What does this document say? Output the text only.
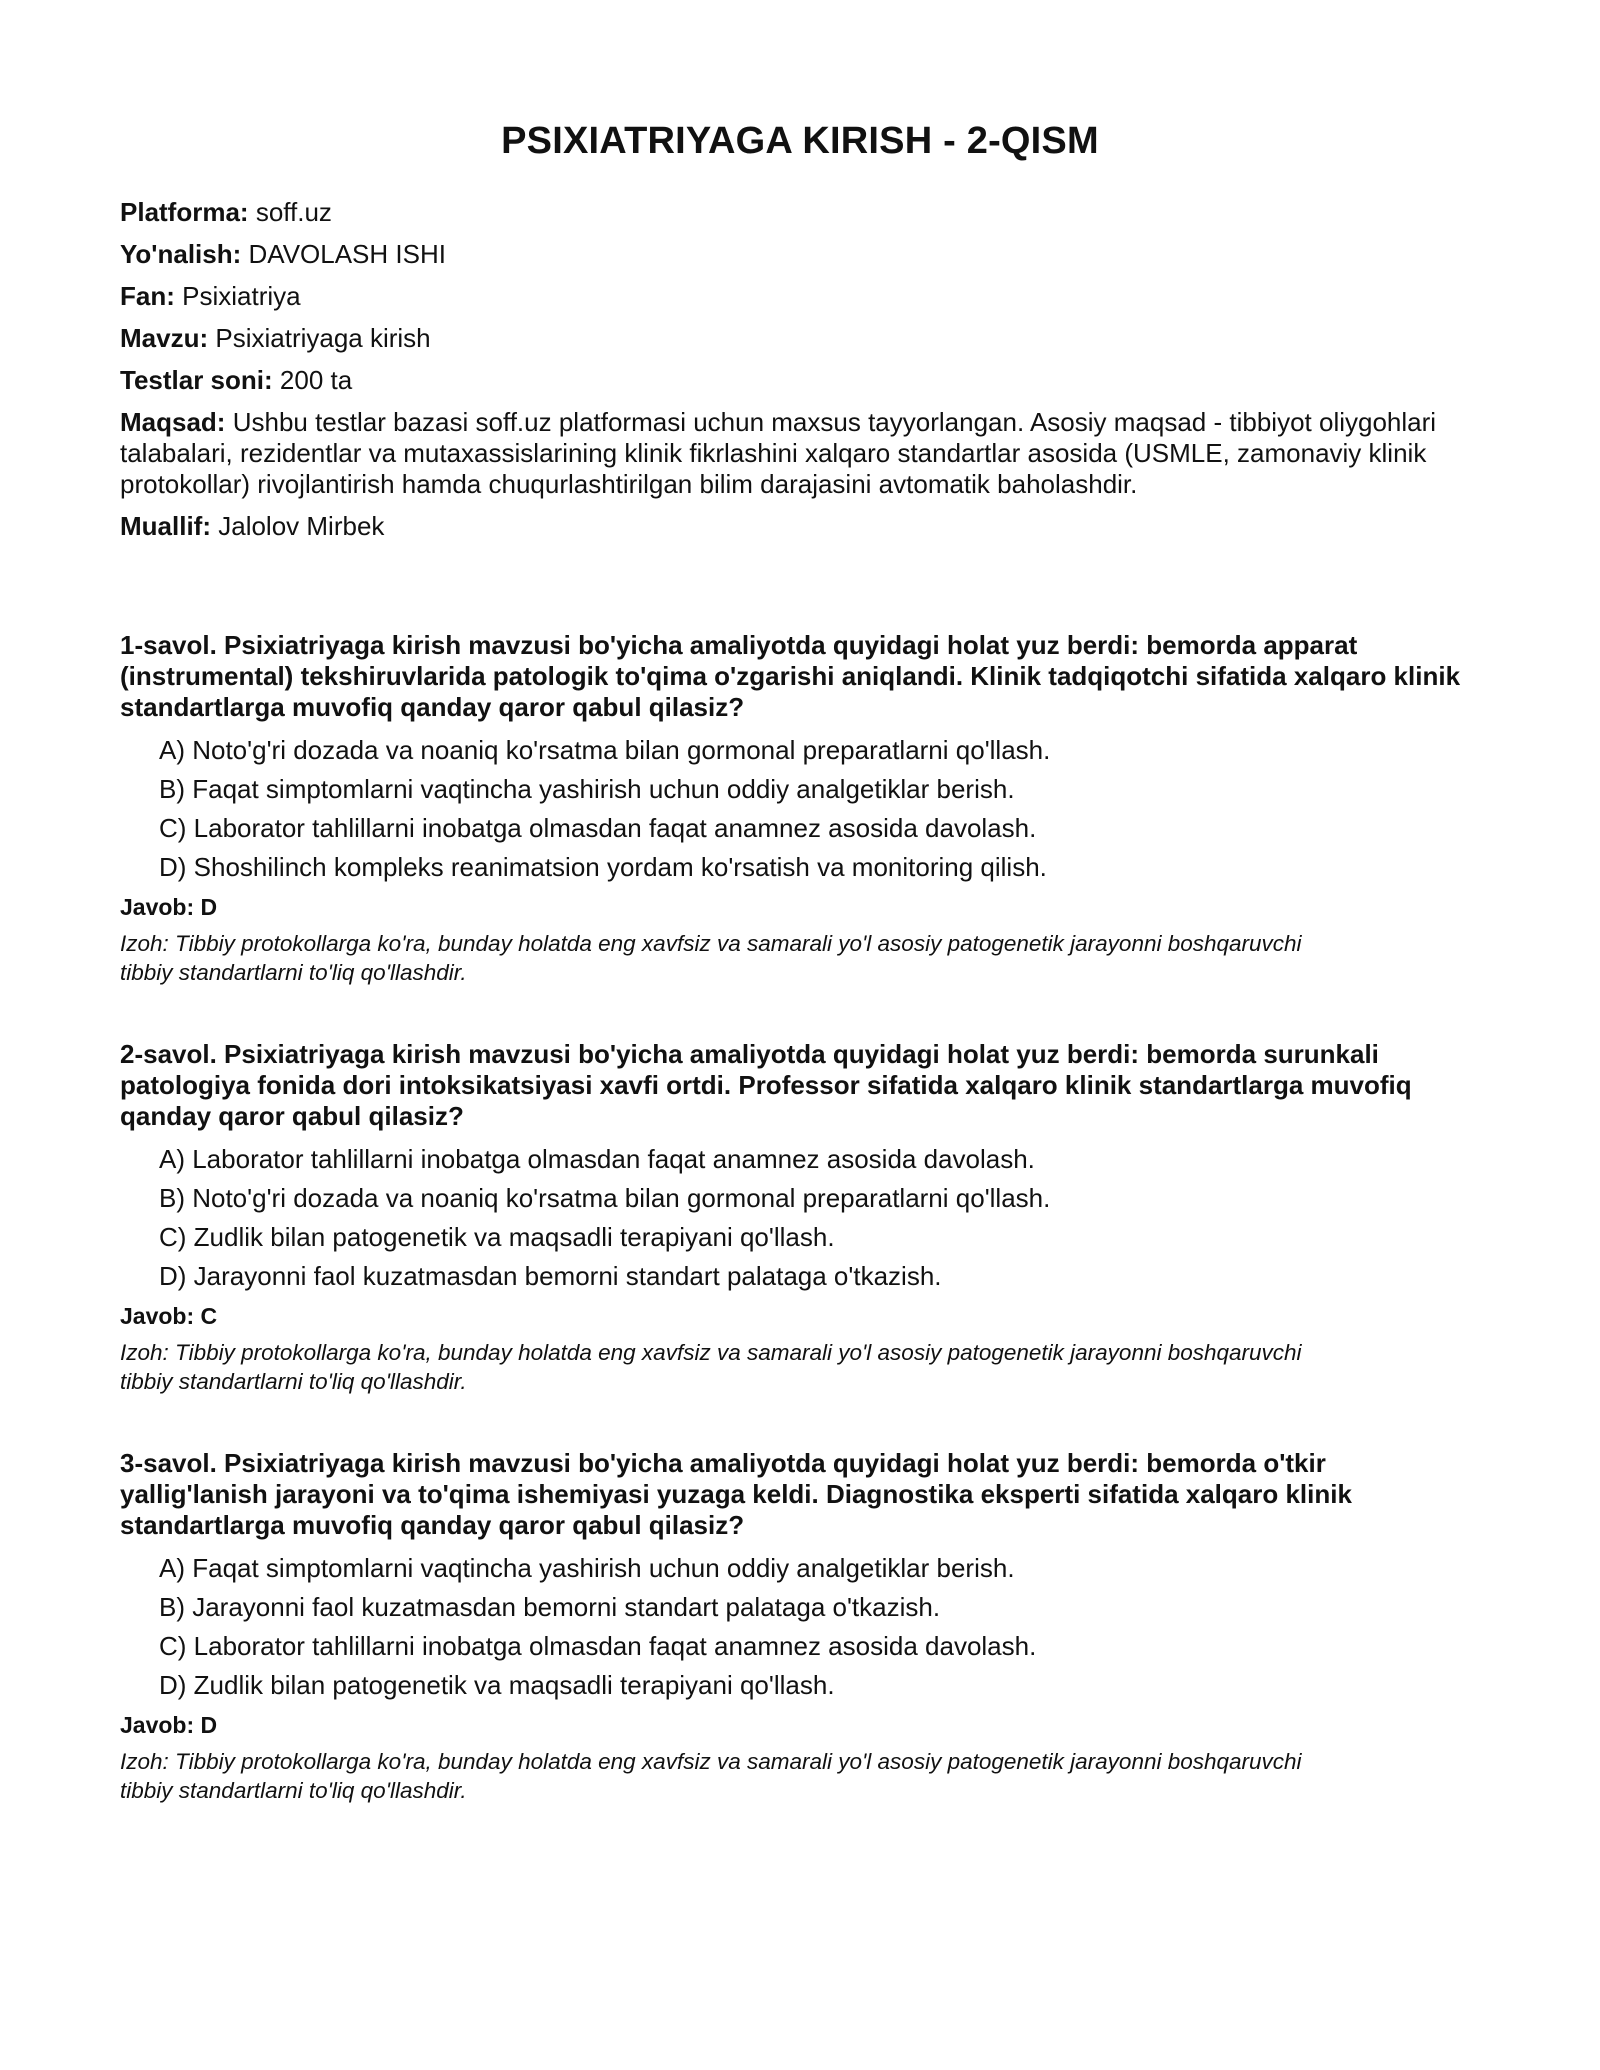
PSIXIATRIYAGA KIRISH - 2-QISM

Platforma: soff.uz

Yo'nalish: DAVOLASH ISHI

Fan: Psixiatriya

Mavzu: Psixiatriyaga kirish

Testlar soni: 200 ta

Maqsad: Ushbu testlar bazasi soff.uz platformasi uchun maxsus tayyorlangan. Asosiy maqsad - tibbiyot oliygohlari talabalari, rezidentlar va mutaxassislarining klinik fikrlashini xalqaro standartlar asosida (USMLE, zamonaviy klinik protokollar) rivojlantirish hamda chuqurlashtirilgan bilim darajasini avtomatik baholashdir.

Muallif: Jalolov Mirbek

1-savol. Psixiatriyaga kirish mavzusi bo'yicha amaliyotda quyidagi holat yuz berdi: bemorda apparat (instrumental) tekshiruvlarida patologik to'qima o'zgarishi aniqlandi. Klinik tadqiqotchi sifatida xalqaro klinik standartlarga muvofiq qanday qaror qabul qilasiz?

A) Noto'g'ri dozada va noaniq ko'rsatma bilan gormonal preparatlarni qo'llash.
B) Faqat simptomlarni vaqtincha yashirish uchun oddiy analgetiklar berish.
C) Laborator tahlillarni inobatga olmasdan faqat anamnez asosida davolash.
D) Shoshilinch kompleks reanimatsion yordam ko'rsatish va monitoring qilish.

Javob: D

Izoh: Tibbiy protokollarga ko'ra, bunday holatda eng xavfsiz va samarali yo'l asosiy patogenetik jarayonni boshqaruvchi tibbiy standartlarni to'liq qo'llashdir.

2-savol. Psixiatriyaga kirish mavzusi bo'yicha amaliyotda quyidagi holat yuz berdi: bemorda surunkali patologiya fonida dori intoksikatsiyasi xavfi ortdi. Professor sifatida xalqaro klinik standartlarga muvofiq qanday qaror qabul qilasiz?

A) Laborator tahlillarni inobatga olmasdan faqat anamnez asosida davolash.
B) Noto'g'ri dozada va noaniq ko'rsatma bilan gormonal preparatlarni qo'llash.
C) Zudlik bilan patogenetik va maqsadli terapiyani qo'llash.
D) Jarayonni faol kuzatmasdan bemorni standart palataga o'tkazish.

Javob: C

Izoh: Tibbiy protokollarga ko'ra, bunday holatda eng xavfsiz va samarali yo'l asosiy patogenetik jarayonni boshqaruvchi tibbiy standartlarni to'liq qo'llashdir.

3-savol. Psixiatriyaga kirish mavzusi bo'yicha amaliyotda quyidagi holat yuz berdi: bemorda o'tkir yallig'lanish jarayoni va to'qima ishemiyasi yuzaga keldi. Diagnostika eksperti sifatida xalqaro klinik standartlarga muvofiq qanday qaror qabul qilasiz?

A) Faqat simptomlarni vaqtincha yashirish uchun oddiy analgetiklar berish.
B) Jarayonni faol kuzatmasdan bemorni standart palataga o'tkazish.
C) Laborator tahlillarni inobatga olmasdan faqat anamnez asosida davolash.
D) Zudlik bilan patogenetik va maqsadli terapiyani qo'llash.

Javob: D

Izoh: Tibbiy protokollarga ko'ra, bunday holatda eng xavfsiz va samarali yo'l asosiy patogenetik jarayonni boshqaruvchi tibbiy standartlarni to'liq qo'llashdir.
